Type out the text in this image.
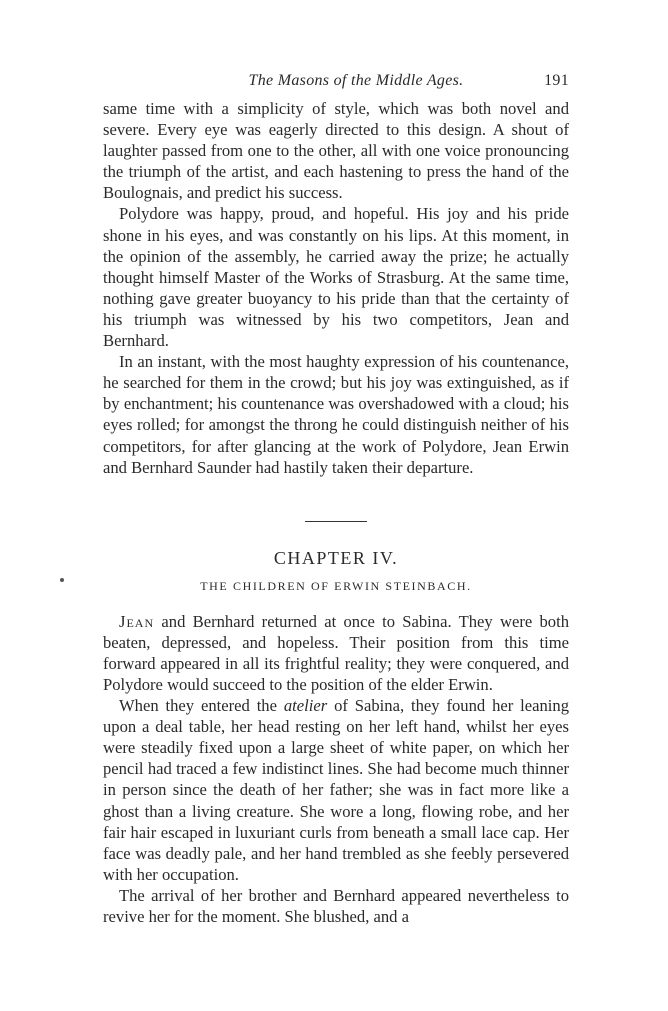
The Masons of the Middle Ages.	191

same time with a simplicity of style, which was both novel and severe. Every eye was eagerly directed to this design. A shout of laughter passed from one to the other, all with one voice pronouncing the triumph of the artist, and each hastening to press the hand of the Boulognais, and predict his success.

Polydore was happy, proud, and hopeful. His joy and his pride shone in his eyes, and was constantly on his lips. At this moment, in the opinion of the assembly, he carried away the prize; he actually thought himself Master of the Works of Strasburg. At the same time, nothing gave greater buoyancy to his pride than that the certainty of his triumph was witnessed by his two competitors, Jean and Bernhard.

In an instant, with the most haughty expression of his countenance, he searched for them in the crowd; but his joy was extinguished, as if by enchantment; his countenance was overshadowed with a cloud; his eyes rolled; for amongst the throng he could distinguish neither of his competitors, for after glancing at the work of Polydore, Jean Erwin and Bernhard Saunder had hastily taken their departure.

CHAPTER IV.
THE CHILDREN OF ERWIN STEINBACH.

Jean and Bernhard returned at once to Sabina. They were both beaten, depressed, and hopeless. Their position from this time forward appeared in all its frightful reality; they were conquered, and Polydore would succeed to the position of the elder Erwin.

When they entered the atelier of Sabina, they found her leaning upon a deal table, her head resting on her left hand, whilst her eyes were steadily fixed upon a large sheet of white paper, on which her pencil had traced a few indistinct lines. She had become much thinner in person since the death of her father; she was in fact more like a ghost than a living creature. She wore a long, flowing robe, and her fair hair escaped in luxuriant curls from beneath a small lace cap. Her face was deadly pale, and her hand trembled as she feebly persevered with her occupation.

The arrival of her brother and Bernhard appeared nevertheless to revive her for the moment. She blushed, and a
